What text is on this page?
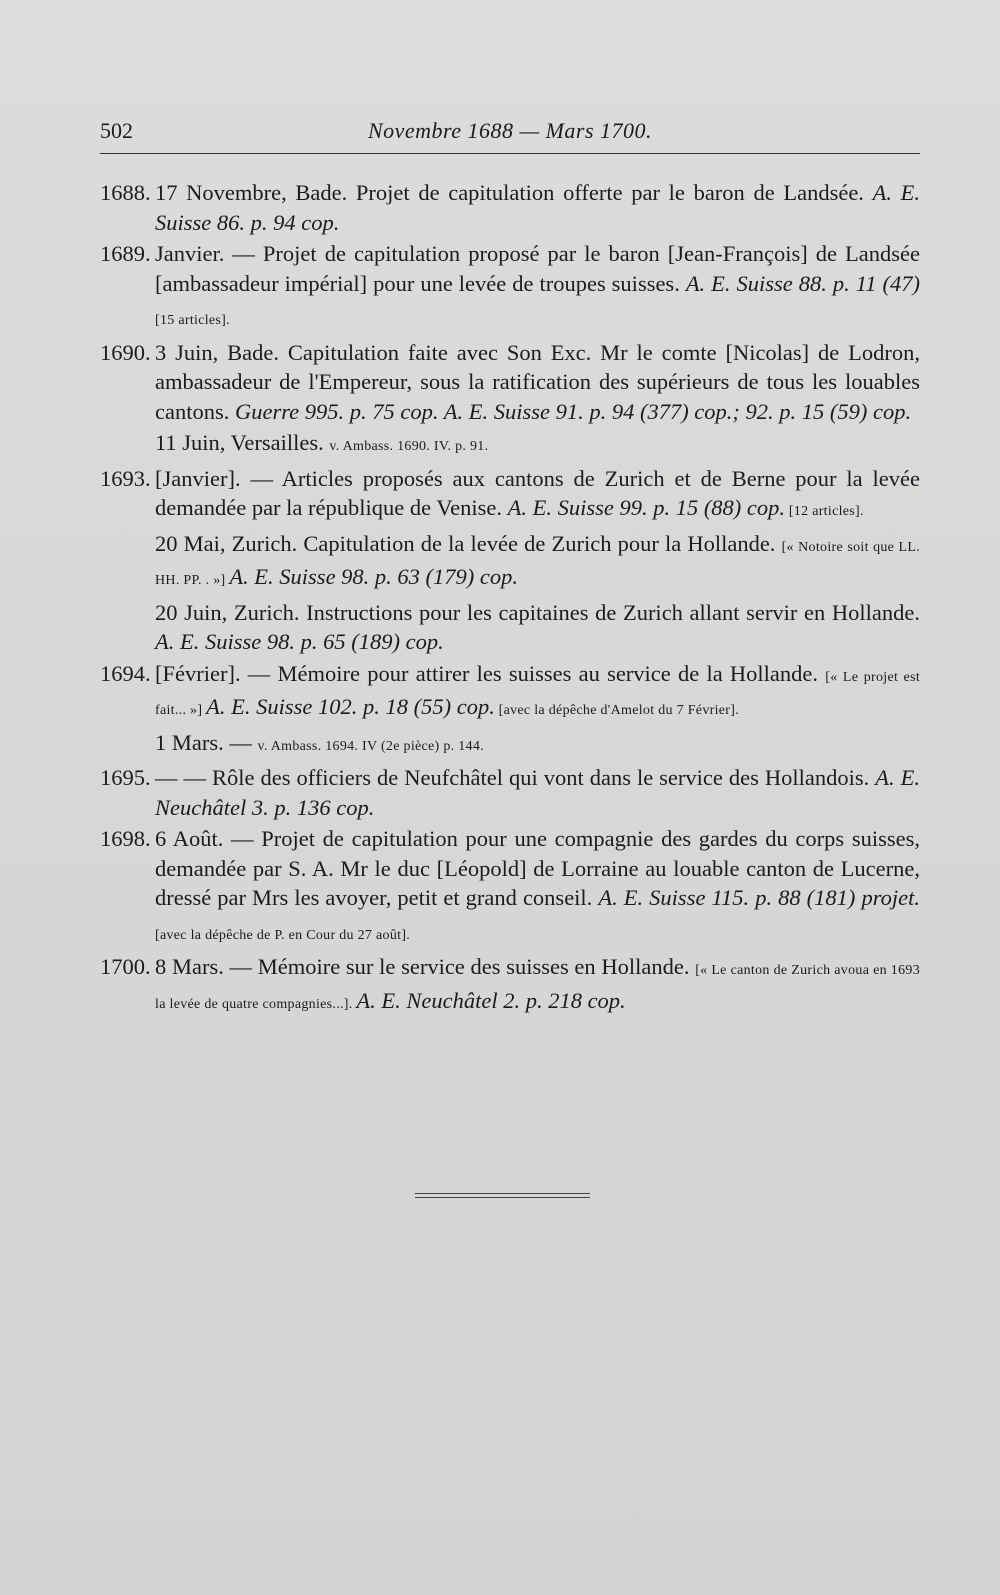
502	Novembre 1688 — Mars 1700.

1688. 17 Novembre, Bade. Projet de capitulation offerte par le baron de Landsée. A. E. Suisse 86. p. 94 cop.

1689. Janvier. — Projet de capitulation proposé par le baron [Jean-François] de Landsée [ambassadeur impérial] pour une levée de troupes suisses. A. E. Suisse 88. p. 11 (47) [15 articles].

1690. 3 Juin, Bade. Capitulation faite avec Son Exc. Mr le comte [Nicolas] de Lodron, ambassadeur de l'Empereur, sous la ratification des supérieurs de tous les louables cantons. Guerre 995. p. 75 cop. A. E. Suisse 91. p. 94 (377) cop.; 92. p. 15 (59) cop.

11 Juin, Versailles. v. Ambass. 1690. IV. p. 91.

1693. [Janvier]. — Articles proposés aux cantons de Zurich et de Berne pour la levée demandée par la république de Venise. A. E. Suisse 99. p. 15 (88) cop. [12 articles].

20 Mai, Zurich. Capitulation de la levée de Zurich pour la Hollande. [« Notoire soit que LL. HH. PP. . »] A. E. Suisse 98. p. 63 (179) cop.

20 Juin, Zurich. Instructions pour les capitaines de Zurich allant servir en Hollande. A. E. Suisse 98. p. 65 (189) cop.

1694. [Février]. — Mémoire pour attirer les suisses au service de la Hollande. [« Le projet est fait... »] A. E. Suisse 102. p. 18 (55) cop. [avec la dépêche d'Amelot du 7 Février].

1 Mars. — v. Ambass. 1694. IV (2e pièce) p. 144.

1695. — — Rôle des officiers de Neufchâtel qui vont dans le service des Hollandois. A. E. Neuchâtel 3. p. 136 cop.

1698. 6 Août. — Projet de capitulation pour une compagnie des gardes du corps suisses, demandée par S. A. Mr le duc [Léopold] de Lorraine au louable canton de Lucerne, dressé par Mrs les avoyer, petit et grand conseil. A. E. Suisse 115. p. 88 (181) projet. [avec la dépêche de P. en Cour du 27 août].

1700. 8 Mars. — Mémoire sur le service des suisses en Hollande. [« Le canton de Zurich avoua en 1693 la levée de quatre compagnies...]. A. E. Neuchâtel 2. p. 218 cop.
